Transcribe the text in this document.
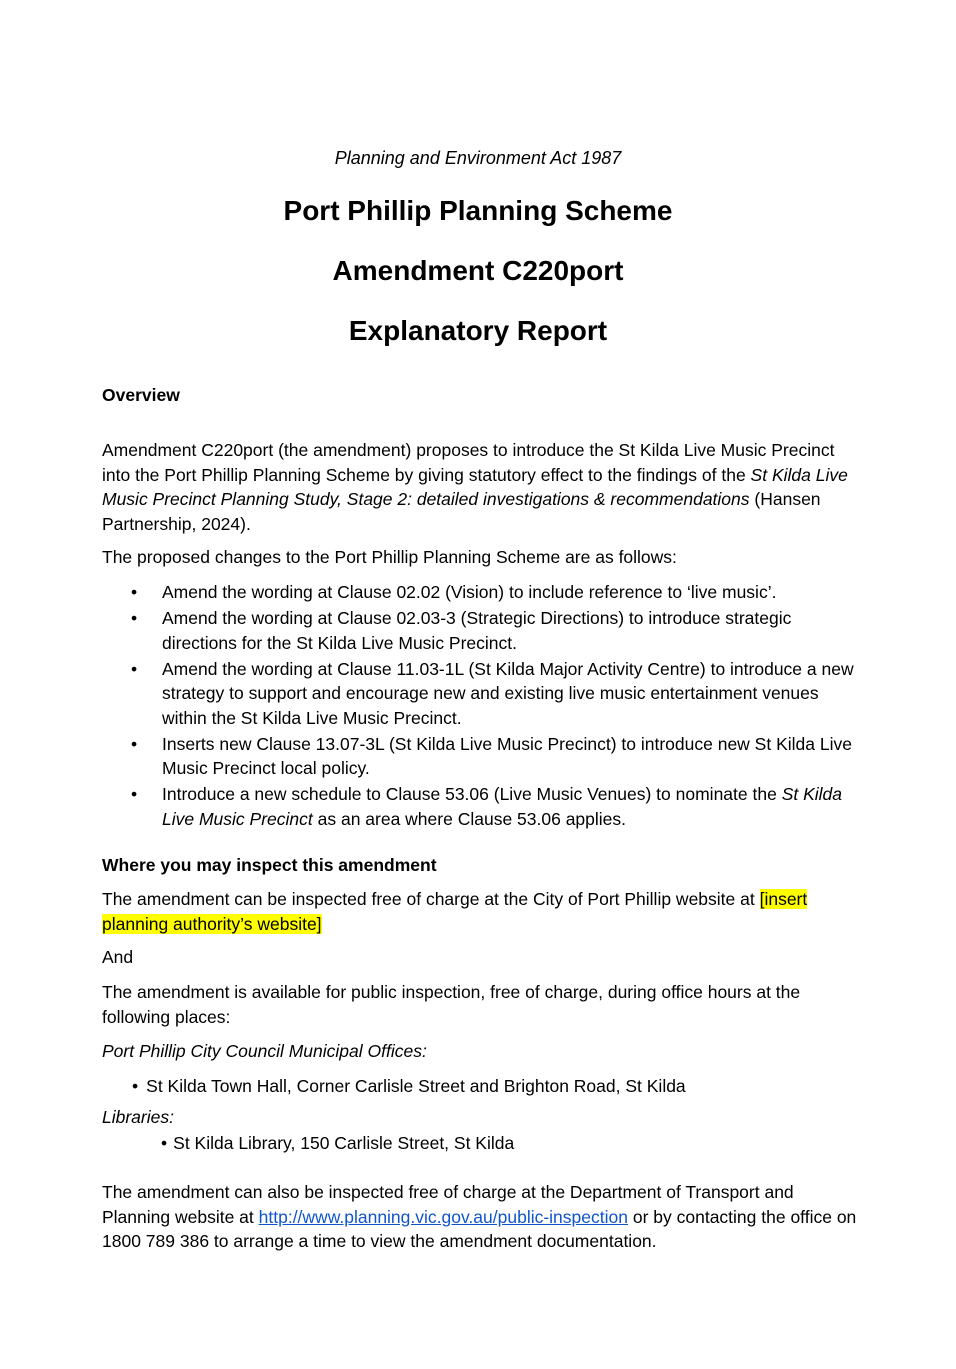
Planning and Environment Act 1987
Port Phillip Planning Scheme
Amendment C220port
Explanatory Report
Overview
Amendment C220port (the amendment) proposes to introduce the St Kilda Live Music Precinct into the Port Phillip Planning Scheme by giving statutory effect to the findings of the St Kilda Live Music Precinct Planning Study, Stage 2: detailed investigations & recommendations (Hansen Partnership, 2024).
The proposed changes to the Port Phillip Planning Scheme are as follows:
• Amend the wording at Clause 02.02 (Vision) to include reference to ‘live music’.
• Amend the wording at Clause 02.03-3 (Strategic Directions) to introduce strategic directions for the St Kilda Live Music Precinct.
• Amend the wording at Clause 11.03-1L (St Kilda Major Activity Centre) to introduce a new strategy to support and encourage new and existing live music entertainment venues within the St Kilda Live Music Precinct.
• Inserts new Clause 13.07-3L (St Kilda Live Music Precinct) to introduce new St Kilda Live Music Precinct local policy.
• Introduce a new schedule to Clause 53.06 (Live Music Venues) to nominate the St Kilda Live Music Precinct as an area where Clause 53.06 applies.
Where you may inspect this amendment
The amendment can be inspected free of charge at the City of Port Phillip website at [insert planning authority’s website]
And
The amendment is available for public inspection, free of charge, during office hours at the following places:
Port Phillip City Council Municipal Offices:
• St Kilda Town Hall, Corner Carlisle Street and Brighton Road, St Kilda
Libraries:
• St Kilda Library, 150 Carlisle Street, St Kilda
The amendment can also be inspected free of charge at the Department of Transport and Planning website at http://www.planning.vic.gov.au/public-inspection or by contacting the office on 1800 789 386 to arrange a time to view the amendment documentation.
